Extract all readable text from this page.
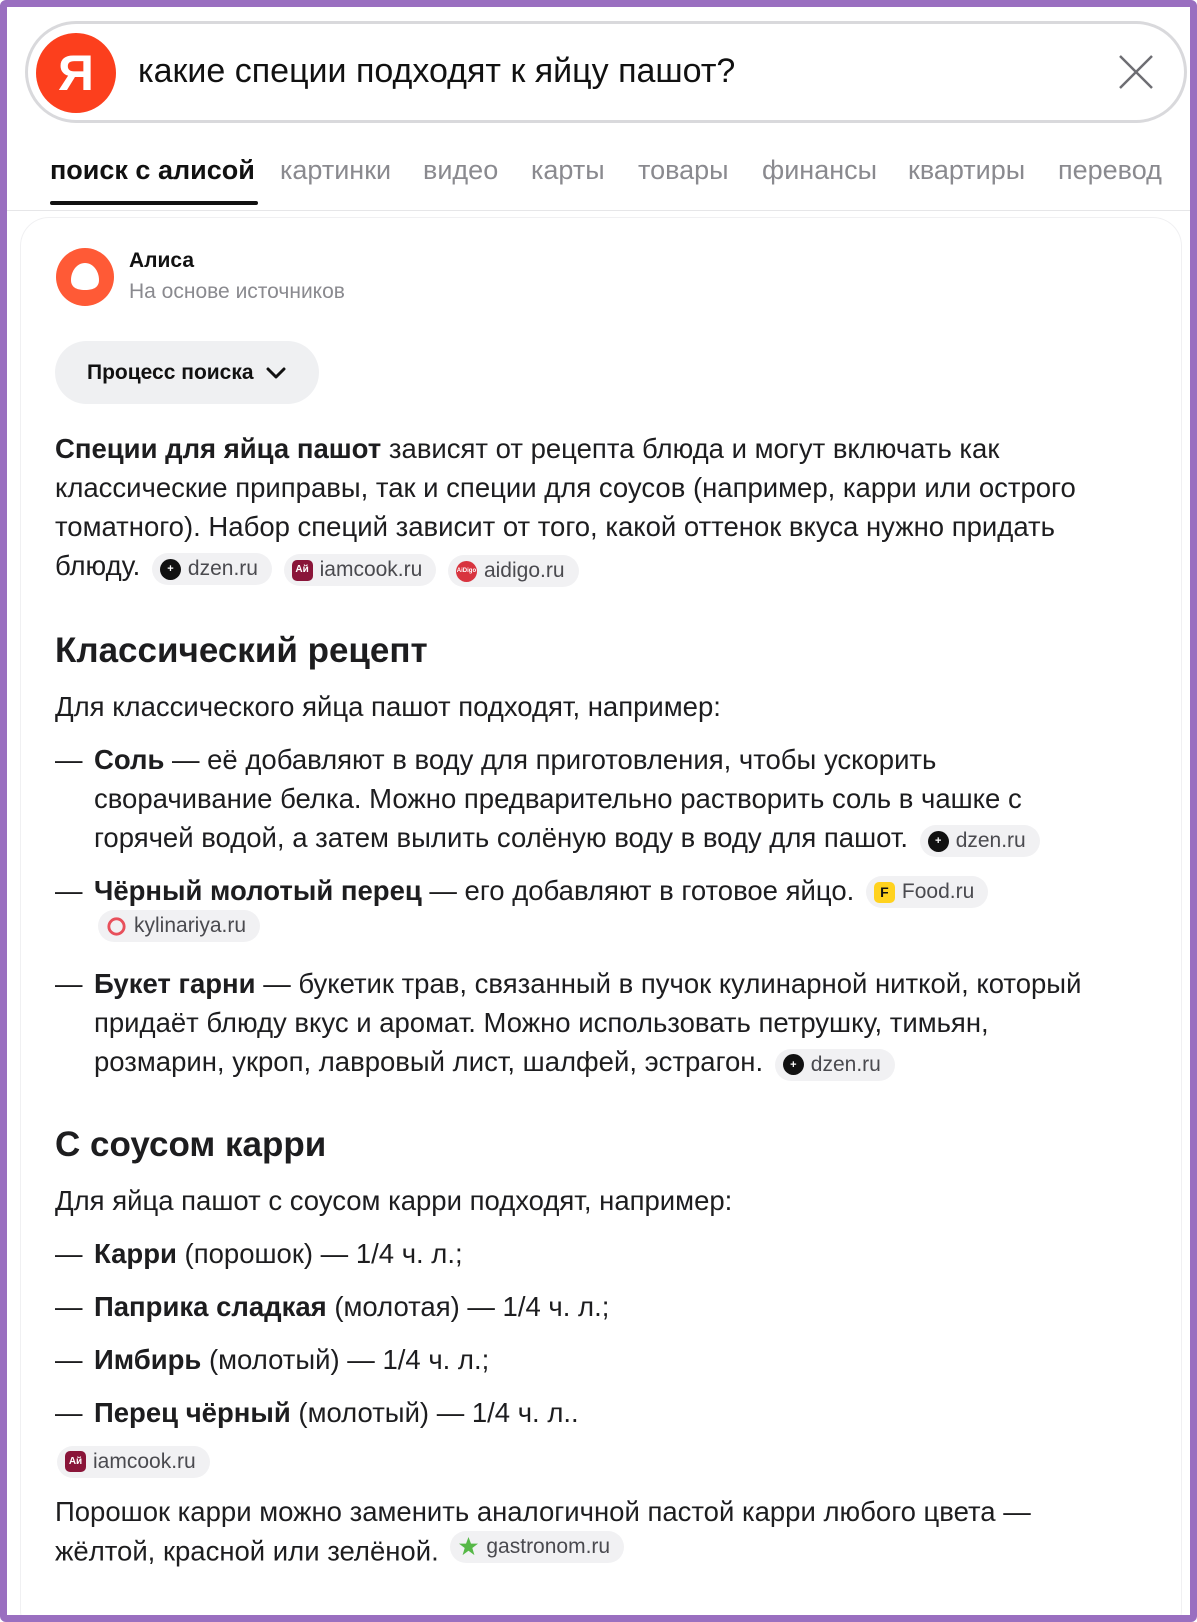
Я	какие специи подходят к яйцу пашот?
поиск с алисой картинки видео карты товары финансы квартиры перевод
Алиса
На основе источников
Процесс поиска

Специи для яйца пашот зависят от рецепта блюда и могут включать как классические приправы, так и специи для соусов (например, карри или острого томатного). Набор специй зависит от того, какой оттенок вкуса нужно придать блюду.	+ dzen.ru
	Ай iamcook.ru
	AiDigo aidigo.ru

Классический рецепт

Для классического яйца пашот подходят, например:

— Соль — её добавляют в воду для приготовления, чтобы ускорить сворачивание белка. Можно предварительно растворить соль в чашке с горячей водой, а затем вылить солёную воду в воду для пашот.	+ dzen.ru
— Чёрный молотый перец — его добавляют в готовое яйцо.	F Food.ru

kylinariya.ru
— Букет гарни — букетик трав, связанный в пучок кулинарной ниткой, который придаёт блюду вкус и аромат. Можно использовать петрушку, тимьян, розмарин, укроп, лавровый лист, шалфей, эстрагон.	+ dzen.ru
С соусом карри

Для яйца пашот с соусом карри подходят, например:

— Карри (порошок) — 1/4 ч. л.;
— Паприка сладкая (молотая) — 1/4 ч. л.;
— Имбирь (молотый) — 1/4 ч. л.;
— Перец чёрный (молотый) — 1/4 ч. л..
Ай iamcook.ru

Порошок карри можно заменить аналогичной пастой карри любого цвета — жёлтой, красной или зелёной. gastronom.ru
